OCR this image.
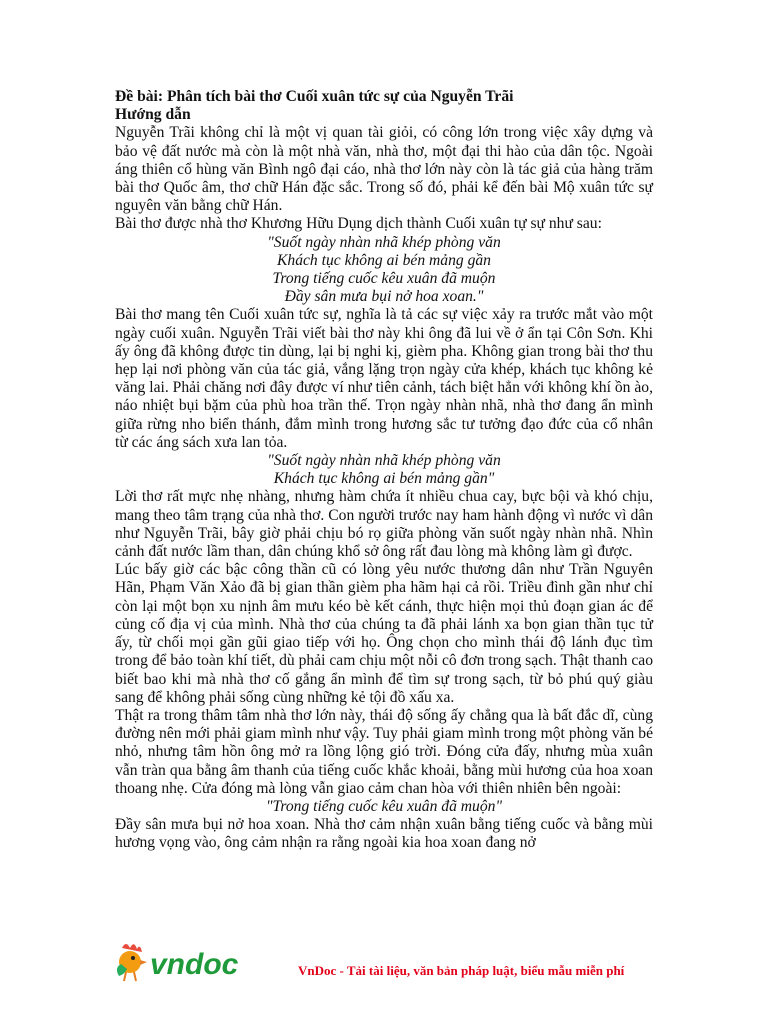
Đề bài: Phân tích bài thơ Cuối xuân tức sự của Nguyễn Trãi

Hướng dẫn

Nguyễn Trãi không chỉ là một vị quan tài giỏi, có công lớn trong việc xây dựng và bảo vệ đất nước mà còn là một nhà văn, nhà thơ, một đại thi hào của dân tộc. Ngoài áng thiên cổ hùng văn Bình ngô đại cáo, nhà thơ lớn này còn là tác giả của hàng trăm bài thơ Quốc âm, thơ chữ Hán đặc sắc. Trong số đó, phải kể đến bài Mộ xuân tức sự nguyên văn bằng chữ Hán.

Bài thơ được nhà thơ Khương Hữu Dụng dịch thành Cuối xuân tự sự như sau:

"Suốt ngày nhàn nhã khép phòng văn

Khách tục không ai bén mảng gần

Trong tiếng cuốc kêu xuân đã muộn

Đầy sân mưa bụi nở hoa xoan."

Bài thơ mang tên Cuối xuân tức sự, nghĩa là tả các sự việc xảy ra trước mắt vào một ngày cuối xuân. Nguyễn Trãi viết bài thơ này khi ông đã lui về ở ẩn tại Côn Sơn. Khi ấy ông đã không được tin dùng, lại bị nghi kị, gièm pha. Không gian trong bài thơ thu hẹp lại nơi phòng văn của tác giả, vắng lặng trọn ngày cửa khép, khách tục không kẻ văng lai. Phải chăng nơi đây được ví như tiên cảnh, tách biệt hẳn với không khí ồn ào, náo nhiệt bụi bặm của phù hoa trần thế. Trọn ngày nhàn nhã, nhà thơ đang ẩn mình giữa rừng nho biển thánh, đắm mình trong hương sắc tư tưởng đạo đức của cổ nhân từ các áng sách xưa lan tỏa.

"Suốt ngày nhàn nhã khép phòng văn

Khách tục không ai bén mảng gần"

Lời thơ rất mực nhẹ nhàng, nhưng hàm chứa ít nhiều chua cay, bực bội và khó chịu, mang theo tâm trạng của nhà thơ. Con người trước nay ham hành động vì nước vì dân như Nguyễn Trãi, bây giờ phải chịu bó rọ giữa phòng văn suốt ngày nhàn nhã. Nhìn cảnh đất nước lầm than, dân chúng khổ sở ông rất đau lòng mà không làm gì được.

Lúc bấy giờ các bậc công thần cũ có lòng yêu nước thương dân như Trần Nguyên Hãn, Phạm Văn Xảo đã bị gian thần gièm pha hãm hại cả rồi. Triều đình gần như chỉ còn lại một bọn xu nịnh âm mưu kéo bè kết cánh, thực hiện mọi thủ đoạn gian ác để củng cố địa vị của mình. Nhà thơ của chúng ta đã phải lánh xa bọn gian thần tục tử ấy, từ chối mọi gần gũi giao tiếp với họ. Ông chọn cho mình thái độ lánh đục tìm trong để bảo toàn khí tiết, dù phải cam chịu một nỗi cô đơn trong sạch. Thật thanh cao biết bao khi mà nhà thơ cố gắng ẩn mình để tìm sự trong sạch, từ bỏ phú quý giàu sang để không phải sống cùng những kẻ tội đồ xấu xa.

Thật ra trong thâm tâm nhà thơ lớn này, thái độ sống ấy chẳng qua là bất đắc dĩ, cùng đường nên mới phải giam mình như vậy. Tuy phải giam mình trong một phòng văn bé nhỏ, nhưng tâm hồn ông mở ra lồng lộng gió trời. Đóng cửa đấy, nhưng mùa xuân vẫn tràn qua bằng âm thanh của tiếng cuốc khắc khoải, bằng mùi hương của hoa xoan thoang nhẹ. Cửa đóng mà lòng vẫn giao cảm chan hòa với thiên nhiên bên ngoài:

"Trong tiếng cuốc kêu xuân đã muộn"

Đầy sân mưa bụi nở hoa xoan. Nhà thơ cảm nhận xuân bằng tiếng cuốc và bằng mùi hương vọng vào, ông cảm nhận ra rằng ngoài kia hoa xoan đang nở

vndoc	VnDoc - Tải tài liệu, văn bản pháp luật, biểu mẫu miễn phí
